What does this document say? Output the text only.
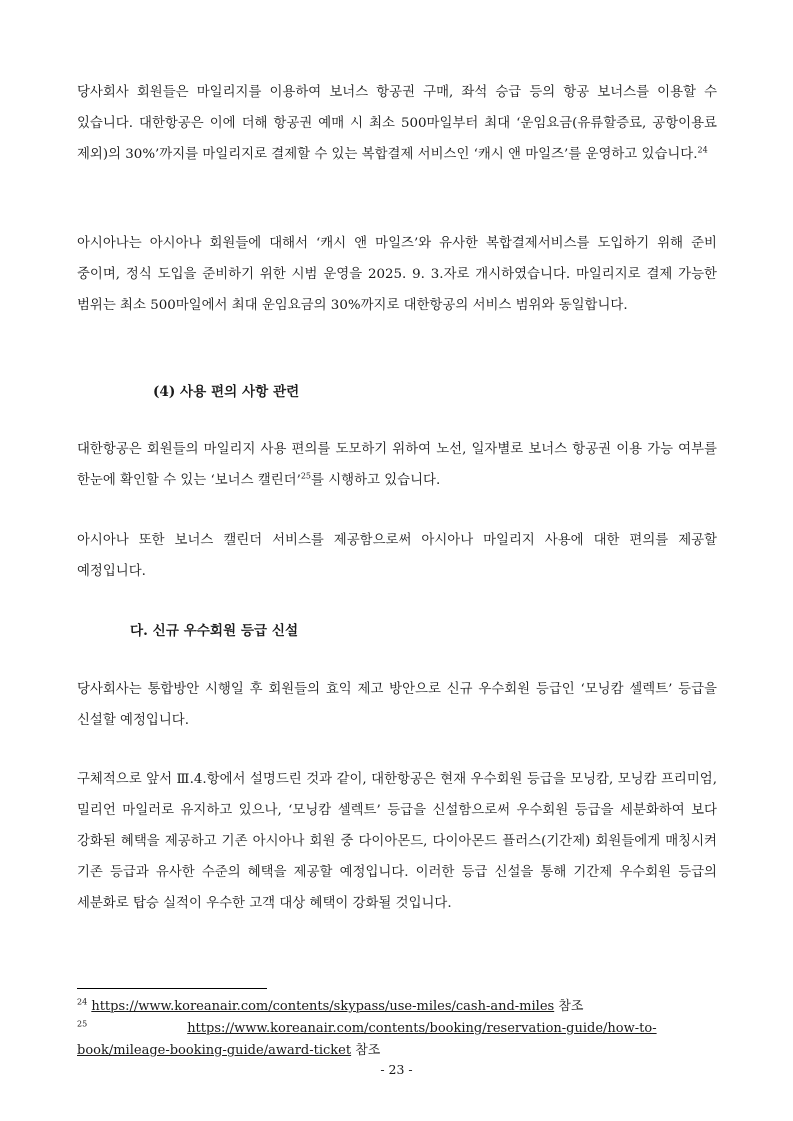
당사회사 회원들은 마일리지를 이용하여 보너스 항공권 구매, 좌석 승급 등의 항공 보너스를 이용할 수 있습니다. 대한항공은 이에 더해 항공권 예매 시 최소 500마일부터 최대 ‘운임요금(유류할증료, 공항이용료 제외)의 30%’까지를 마일리지로 결제할 수 있는 복합결제 서비스인 ‘캐시 앤 마일즈’를 운영하고 있습니다.$^{24}$

아시아나는 아시아나 회원들에 대해서 ‘캐시 앤 마일즈’와 유사한 복합결제서비스를 도입하기 위해 준비 중이며, 정식 도입을 준비하기 위한 시범 운영을 2025. 9. 3.자로 개시하였습니다. 마일리지로 결제 가능한 범위는 최소 500마일에서 최대 운임요금의 30%까지로 대한항공의 서비스 범위와 동일합니다.

(4) 사용 편의 사항 관련

대한항공은 회원들의 마일리지 사용 편의를 도모하기 위하여 노선, 일자별로 보너스 항공권 이용 가능 여부를 한눈에 확인할 수 있는 ‘보너스 캘린더’$^{25}$를 시행하고 있습니다.

아시아나 또한 보너스 캘린더 서비스를 제공함으로써 아시아나 마일리지 사용에 대한 편의를 제공할 예정입니다.

다. 신규 우수회원 등급 신설

당사회사는 통합방안 시행일 후 회원들의 효익 제고 방안으로 신규 우수회원 등급인 ‘모닝캄 셀렉트’ 등급을 신설할 예정입니다.

구체적으로 앞서 Ⅲ.4.항에서 설명드린 것과 같이, 대한항공은 현재 우수회원 등급을 모닝캄, 모닝캄 프리미엄, 밀리언 마일러로 유지하고 있으나, ‘모닝캄 셀렉트’ 등급을 신설함으로써 우수회원 등급을 세분화하여 보다 강화된 혜택을 제공하고 기존 아시아나 회원 중 다이아몬드, 다이아몬드 플러스(기간제) 회원들에게 매칭시켜 기존 등급과 유사한 수준의 혜택을 제공할 예정입니다. 이러한 등급 신설을 통해 기간제 우수회원 등급의 세분화로 탑승 실적이 우수한 고객 대상 혜택이 강화될 것입니다.

$^{24}$ https://www.koreanair.com/contents/skypass/use-miles/cash-and-miles 참조

$^{25}$	https://www.koreanair.com/contents/booking/reservation-guide/how-to-book/mileage-booking-guide/award-ticket 참조

- 23 -
